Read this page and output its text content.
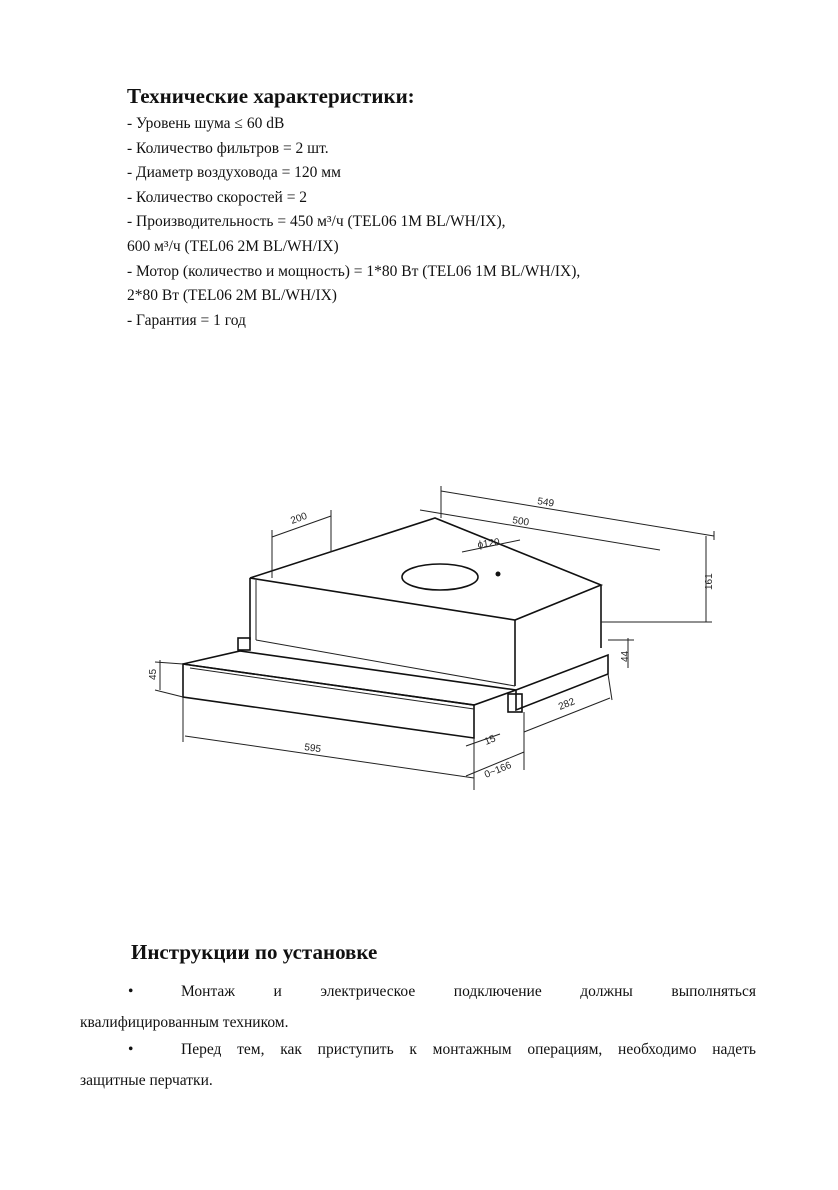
Технические характеристики:
- Уровень шума ≤ 60 dB
- Количество фильтров = 2 шт.
- Диаметр воздуховода = 120 мм
- Количество скоростей = 2
- Производительность = 450 м³/ч (TEL06 1M BL/WH/IX),
600 м³/ч (TEL06 2M BL/WH/IX)
- Мотор (количество и мощность) = 1*80 Вт (TEL06 1M BL/WH/IX),
2*80 Вт (TEL06 2M BL/WH/IX)
- Гарантия = 1 год
549
500
200
ϕ120
161
44
45
282
595
15
0~166
Инструкции по установке
•	Монтаж и электрическое подключение должны выполняться
квалифицированным техником.
•	Перед тем, как приступить к монтажным операциям, необходимо надеть
защитные перчатки.
